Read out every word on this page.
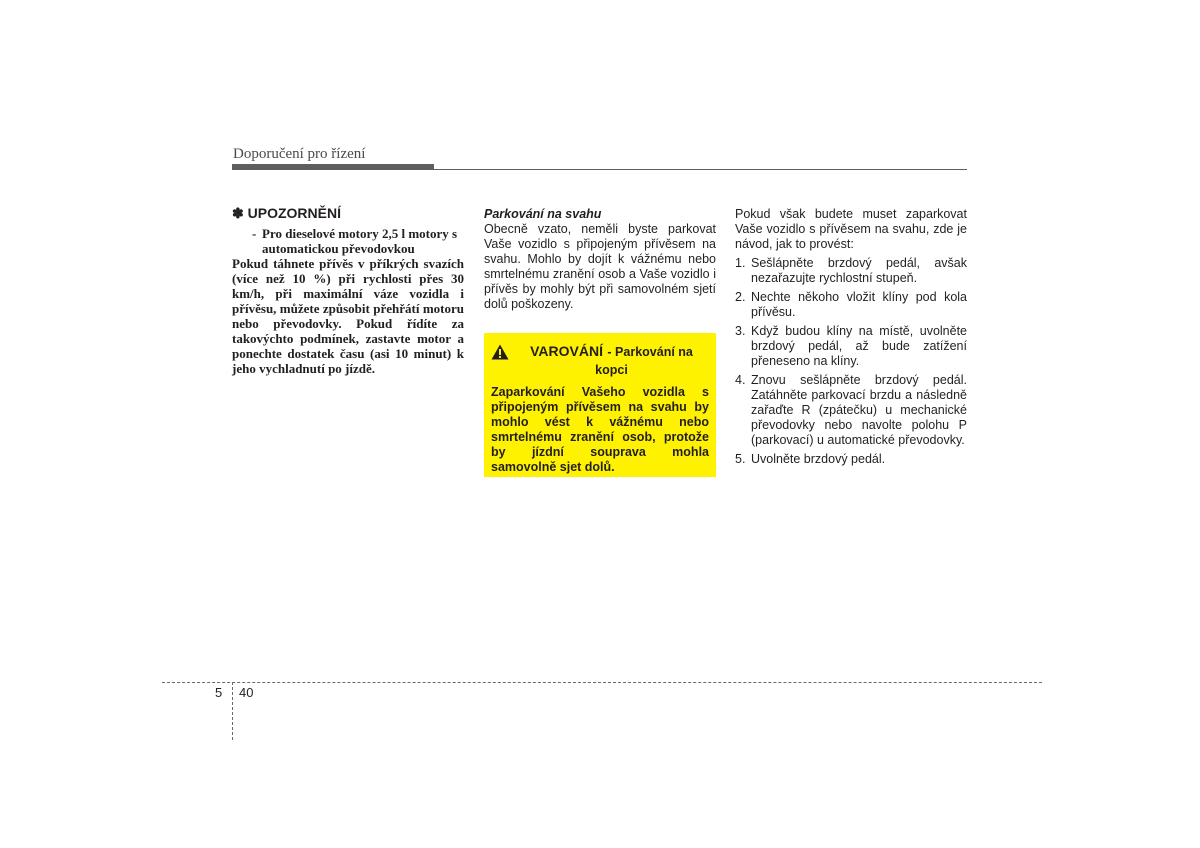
Doporučení pro řízení
✽ UPOZORNĚNÍ
- Pro dieselové motory 2,5 l motory s automatickou převodovkou

Pokud táhnete přívěs v příkrých svazích (více než 10 %) při rychlosti přes 30 km/h, při maximální váze vozidla i přívěsu, můžete způsobit přehřátí motoru nebo převodovky. Pokud řídíte za takovýchto podmínek, zastavte motor a ponechte dostatek času (asi 10 minut) k jeho vychladnutí po jízdě.

Parkování na svahu

Obecně vzato, neměli byste parkovat Vaše vozidlo s připojeným přívěsem na svahu. Mohlo by dojít k vážnému nebo smrtelnému zranění osob a Vaše vozidlo i přívěs by mohly být při samovolném sjetí dolů poškozeny.

VAROVÁNÍ - Parkování na kopci

Zaparkování Vašeho vozidla s připojeným přívěsem na svahu by mohlo vést k vážnému nebo smrtelnému zranění osob, protože by jízdní souprava mohla samovolně sjet dolů.

Pokud však budete muset zaparkovat Vaše vozidlo s přívěsem na svahu, zde je návod, jak to provést:

1. Sešlápněte brzdový pedál, avšak nezařazujte rychlostní stupeň.
2. Nechte někoho vložit klíny pod kola přívěsu.
3. Když budou klíny na místě, uvolněte brzdový pedál, až bude zatížení přeneseno na klíny.
4. Znovu sešlápněte brzdový pedál. Zatáhněte parkovací brzdu a následně zařaďte R (zpátečku) u mechanické převodovky nebo navolte polohu P (parkovací) u automatické převodovky.
5. Uvolněte brzdový pedál.
5 40
